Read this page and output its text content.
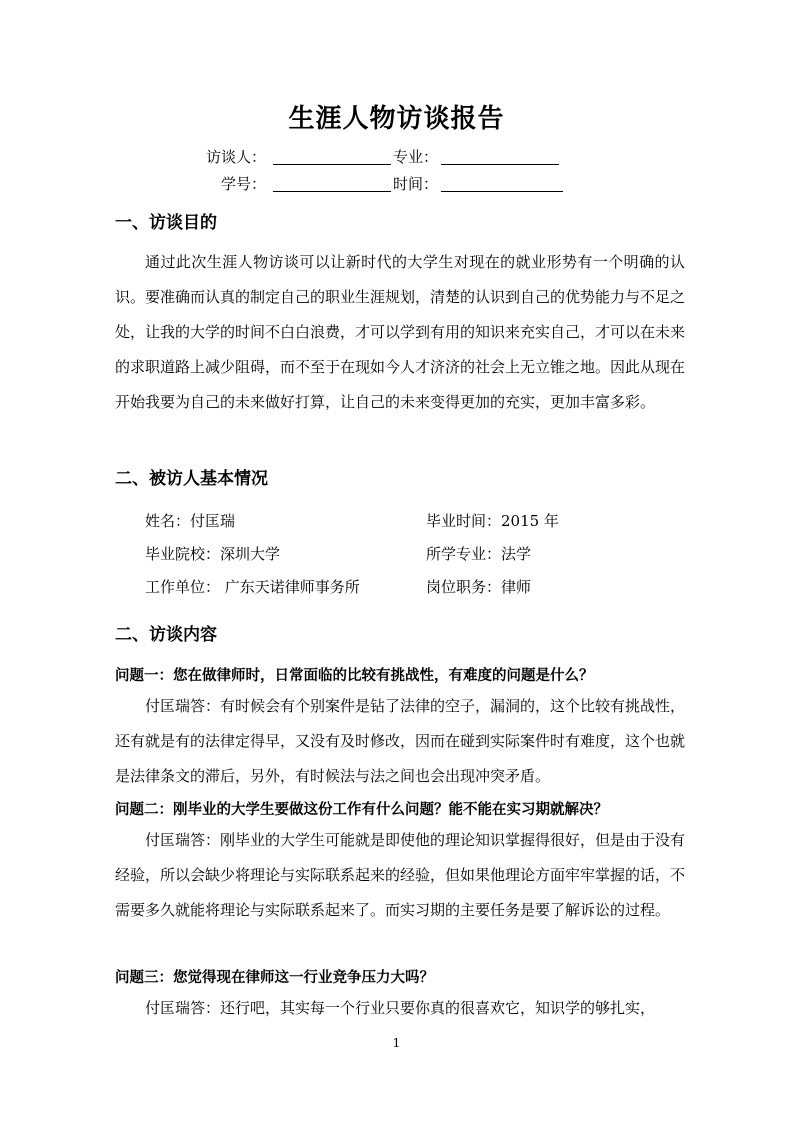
生涯人物访谈报告
访谈人：	专业：
学号：	时间：
一、访谈目的

通过此次生涯人物访谈可以让新时代的大学生对现在的就业形势有一个明确的认识。要准确而认真的制定自己的职业生涯规划，清楚的认识到自己的优势能力与不足之处，让我的大学的时间不白白浪费，才可以学到有用的知识来充实自己，才可以在未来的求职道路上减少阻碍，而不至于在现如今人才济济的社会上无立锥之地。因此从现在开始我要为自己的未来做好打算，让自己的未来变得更加的充实，更加丰富多彩。

二、被访人基本情况
姓名：付匡瑞	毕业时间：2015 年
毕业院校：深圳大学	所学专业：法学
工作单位： 广东天诺律师事务所	岗位职务：律师
二、访谈内容
问题一：您在做律师时，日常面临的比较有挑战性，有难度的问题是什么？

付匡瑞答：有时候会有个别案件是钻了法律的空子，漏洞的，这个比较有挑战性，还有就是有的法律定得早，又没有及时修改，因而在碰到实际案件时有难度，这个也就是法律条文的滞后，另外，有时候法与法之间也会出现冲突矛盾。

问题二：刚毕业的大学生要做这份工作有什么问题？能不能在实习期就解决？

付匡瑞答：刚毕业的大学生可能就是即使他的理论知识掌握得很好，但是由于没有经验，所以会缺少将理论与实际联系起来的经验，但如果他理论方面牢牢掌握的话，不需要多久就能将理论与实际联系起来了。而实习期的主要任务是要了解诉讼的过程。

问题三：您觉得现在律师这一行业竞争压力大吗？

付匡瑞答：还行吧，其实每一个行业只要你真的很喜欢它，知识学的够扎实，

1
